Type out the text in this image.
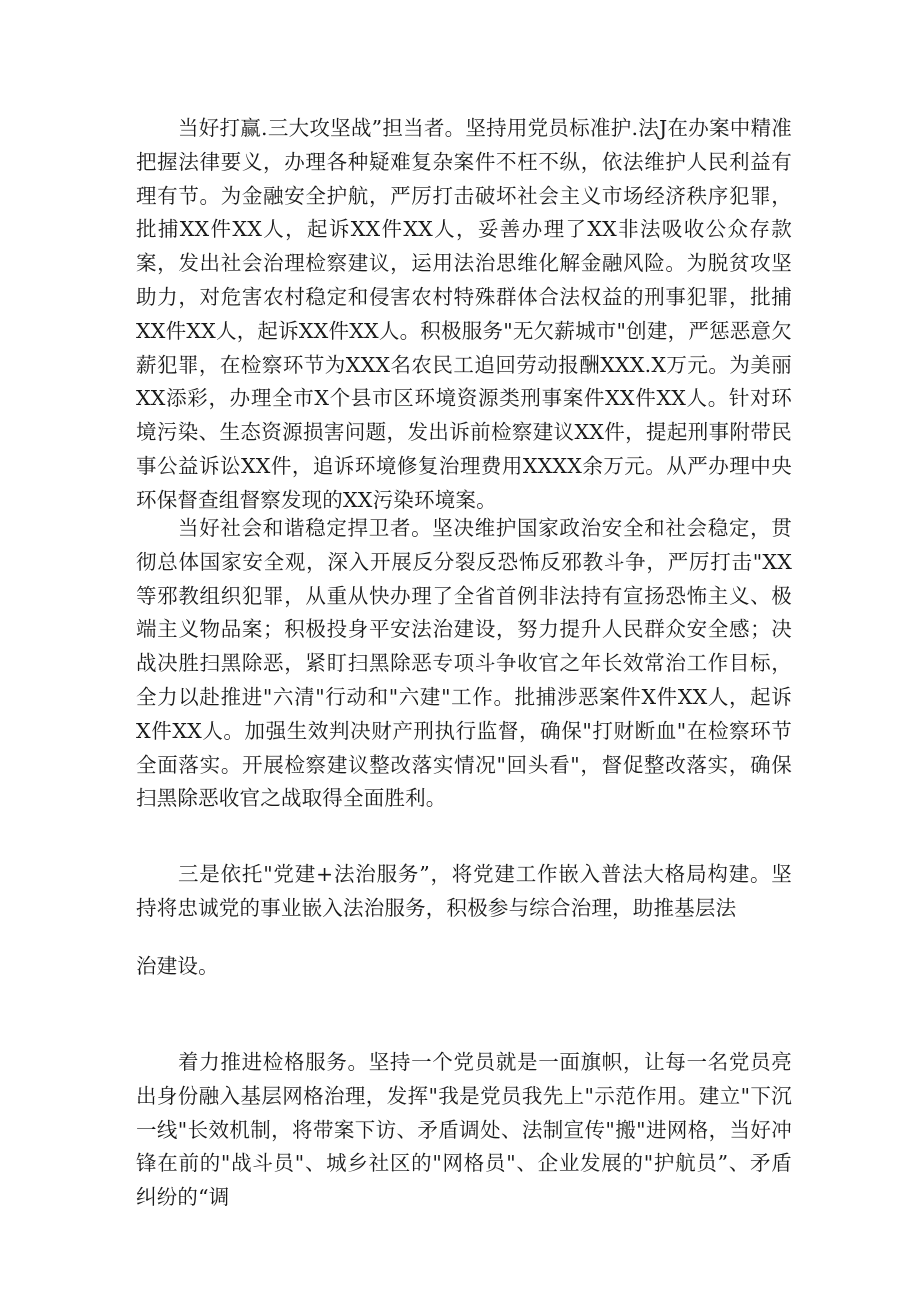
当好打赢.三大攻坚战”担当者。坚持用党员标准护.法J在办案中精准把握法律要义，办理各种疑难复杂案件不枉不纵，依法维护人民利益有理有节。为金融安全护航，严厉打击破坏社会主义市场经济秩序犯罪，批捕XX件XX人，起诉XX件XX人，妥善办理了XX非法吸收公众存款案，发出社会治理检察建议，运用法治思维化解金融风险。为脱贫攻坚助力，对危害农村稳定和侵害农村特殊群体合法权益的刑事犯罪，批捕XX件XX人，起诉XX件XX人。积极服务"无欠薪城市"创建，严惩恶意欠薪犯罪，在检察环节为XXX名农民工追回劳动报酬XXX.X万元。为美丽XX添彩，办理全市X个县市区环境资源类刑事案件XX件XX人。针对环境污染、生态资源损害问题，发出诉前检察建议XX件，提起刑事附带民事公益诉讼XX件，追诉环境修复治理费用XXXX余万元。从严办理中央环保督查组督察发现的XX污染环境案。

当好社会和谐稳定捍卫者。坚决维护国家政治安全和社会稳定，贯彻总体国家安全观，深入开展反分裂反恐怖反邪教斗争，严厉打击"XX等邪教组织犯罪，从重从快办理了全省首例非法持有宣扬恐怖主义、极端主义物品案；积极投身平安法治建设，努力提升人民群众安全感；决战决胜扫黑除恶，紧盯扫黑除恶专项斗争收官之年长效常治工作目标，全力以赴推进"六清"行动和"六建"工作。批捕涉恶案件X件XX人，起诉X件XX人。加强生效判决财产刑执行监督，确保"打财断血"在检察环节全面落实。开展检察建议整改落实情况"回头看"，督促整改落实，确保扫黑除恶收官之战取得全面胜利。

三是依托"党建+法治服务”，将党建工作嵌入普法大格局构建。坚持将忠诚党的事业嵌入法治服务，积极参与综合治理，助推基层法

治建设。

着力推进检格服务。坚持一个党员就是一面旗帜，让每一名党员亮出身份融入基层网格治理，发挥"我是党员我先上"示范作用。建立"下沉一线"长效机制，将带案下访、矛盾调处、法制宣传"搬"进网格，当好冲锋在前的"战斗员"、城乡社区的"网格员"、企业发展的"护航员”、矛盾纠纷的“调
